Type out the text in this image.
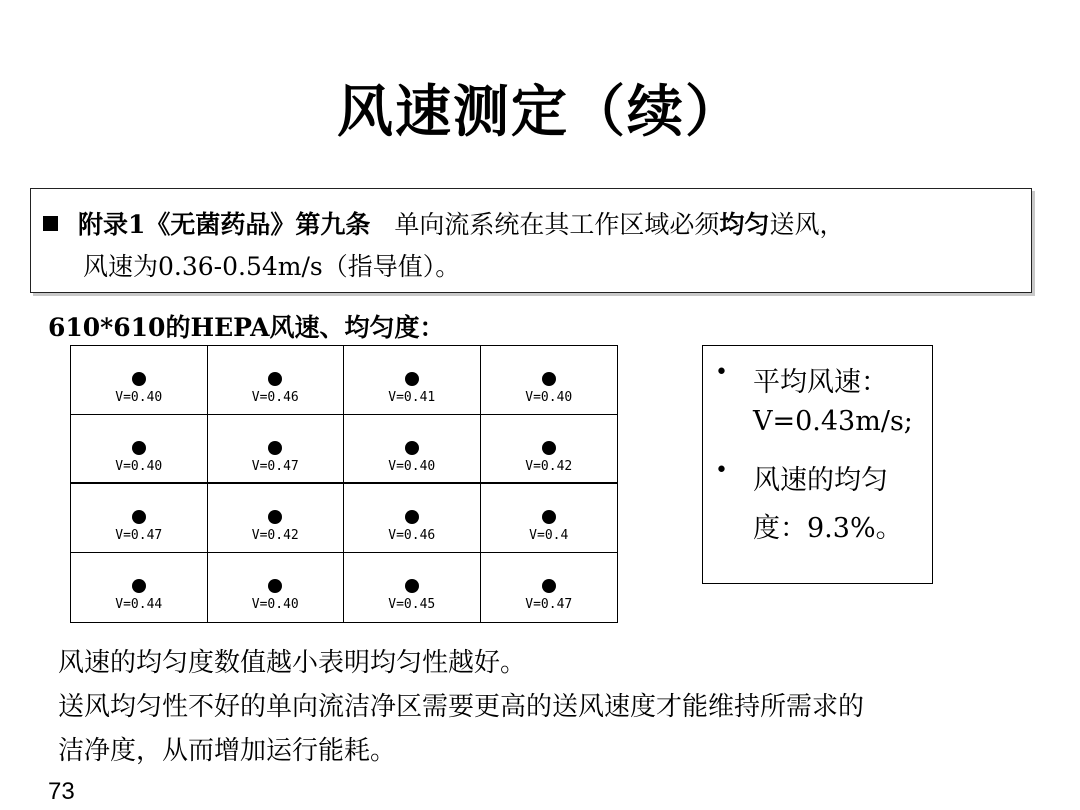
风速测定（续）
附录1《无菌药品》第九条 单向流系统在其工作区域必须均匀送风，
风速为0.36-0.54m/s（指导值）。
610*610的HEPA风速、均匀度：
V=0.40	V=0.46	V=0.41	V=0.40
V=0.40	V=0.47	V=0.40	V=0.42
V=0.47	V=0.42	V=0.46	V=0.4
V=0.44	V=0.40	V=0.45	V=0.47
• 平均风速：
V=0.43m/s;
• 风速的均匀
度：9.3%。
风速的均匀度数值越小表明均匀性越好。
送风均匀性不好的单向流洁净区需要更高的送风速度才能维持所需求的
洁净度，从而增加运行能耗。
73
